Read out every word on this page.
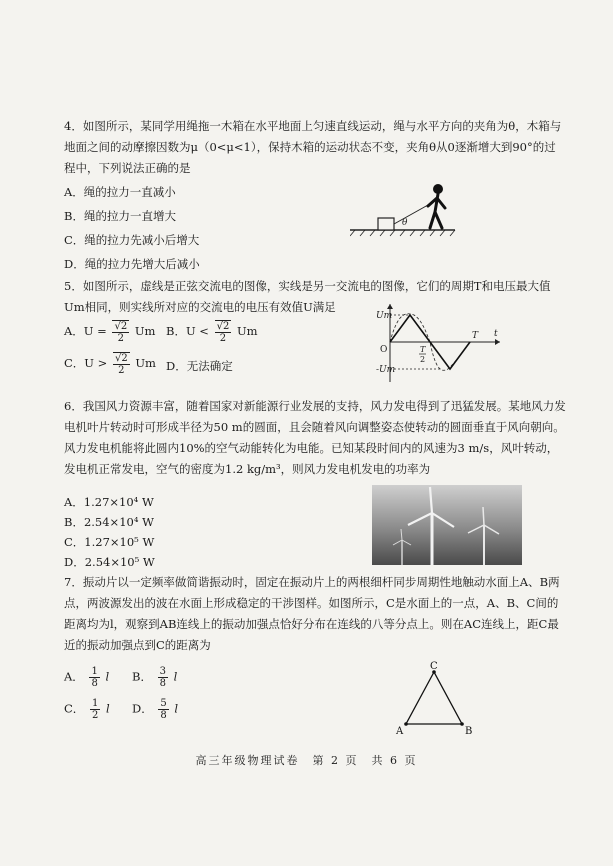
4．如图所示，某同学用绳拖一木箱在水平地面上匀速直线运动，绳与水平方向的夹角为θ，木箱与地面之间的动摩擦因数为μ（0<μ<1），保持木箱的运动状态不变，夹角θ从0逐渐增大到90°的过程中，下列说法正确的是

A．绳的拉力一直减小
B．绳的拉力一直增大
C．绳的拉力先减小后增大
D．绳的拉力先增大后减小
θ

5．如图所示，虚线是正弦交流电的图像，实线是另一交流电的图像，它们的周期T和电压最大值Um相同，则实线所对应的交流电的电压有效值U满足

A．$U = \frac{√2}{2}$ Um B．$U < \frac{√2}{2}$ Um
C．$U > \frac{√2}{2}$ Um D．无法确定
Um
-Um
O	T
2
T t

6．我国风力资源丰富，随着国家对新能源行业发展的支持，风力发电得到了迅猛发展。某地风力发电机叶片转动时可形成半径为50 m的圆面，且会随着风向调整姿态使转动的圆面垂直于风向朝向。风力发电机能将此圆内10%的空气动能转化为电能。已知某段时间内的风速为3 m/s，风叶转动，发电机正常发电，空气的密度为1.2 kg/m³，则风力发电机发电的功率为

A．1.27×10⁴ W
B．2.54×10⁴ W
C．1.27×10⁵ W
D．2.54×10⁵ W

7．振动片以一定频率做简谐振动时，固定在振动片上的两根细杆同步周期性地触动水面上A、B两点，两波源发出的波在水面上形成稳定的干涉图样。如图所示，C是水面上的一点，A、B、C间的距离均为l，观察到AB连线上的振动加强点恰好分布在连线的八等分点上。则在AC连线上，距C最近的振动加强点到C的距离为

A． $\frac{1}{8}$ l B． $\frac{3}{8}$ l
C． $\frac{1}{2}$ l D． $\frac{5}{8}$ l
C
A	B
高三年级物理试卷　第 2 页　共 6 页
